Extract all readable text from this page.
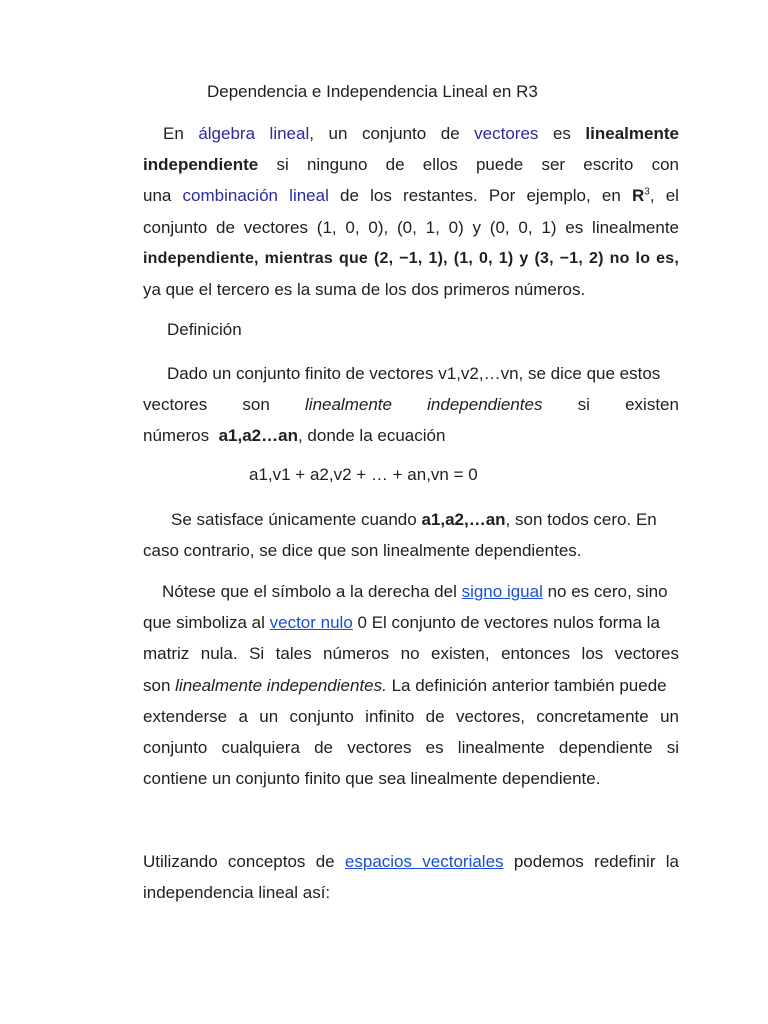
Dependencia e Independencia Lineal en R3
En álgebra lineal, un conjunto de vectores es linealmente
independiente si ninguno de ellos puede ser escrito con
una combinación lineal de los restantes. Por ejemplo, en $R^3$, el
conjunto de vectores (1, 0, 0), (0, 1, 0) y (0, 0, 1) es linealmente
independiente, mientras que (2, −1, 1), (1, 0, 1) y (3, −1, 2) no lo es,
ya que el tercero es la suma de los dos primeros números.
Definición
Dado un conjunto finito de vectores v1,v2,…vn, se dice que estos
vectores son linealmente independientes si existen
números a1,a2…an, donde la ecuación
a1,v1 + a2,v2 + … + an,vn = 0
Se satisface únicamente cuando a1,a2,…an, son todos cero. En
caso contrario, se dice que son linealmente dependientes.
Nótese que el símbolo a la derecha del signo igual no es cero, sino
que simboliza al vector nulo 0 El conjunto de vectores nulos forma la
matriz nula. Si tales números no existen, entonces los vectores
son linealmente independientes. La definición anterior también puede
extenderse a un conjunto infinito de vectores, concretamente un
conjunto cualquiera de vectores es linealmente dependiente si
contiene un conjunto finito que sea linealmente dependiente.
Utilizando conceptos de espacios vectoriales podemos redefinir la
independencia lineal así:
